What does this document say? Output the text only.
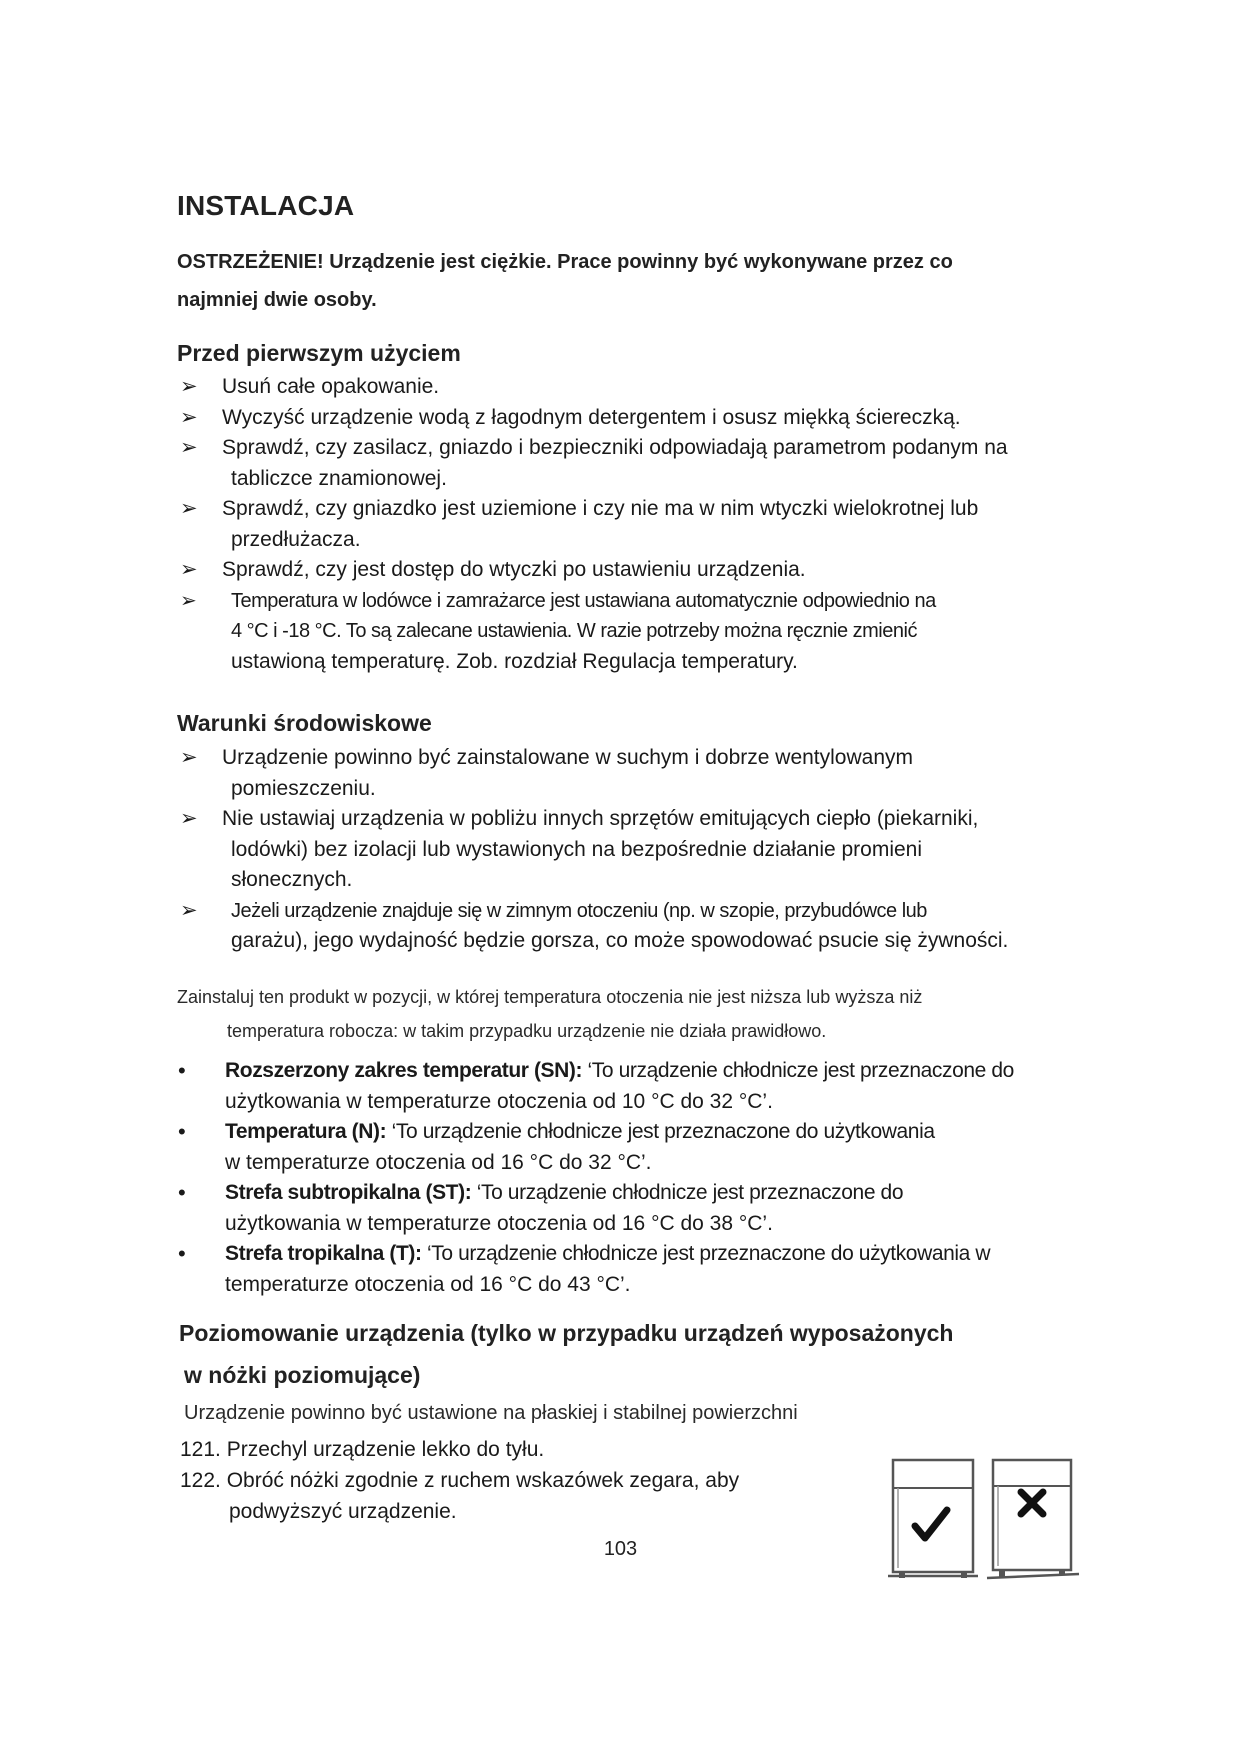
INSTALACJA
OSTRZEŻENIE! Urządzenie jest ciężkie. Prace powinny być wykonywane przez co najmniej dwie osoby.
Przed pierwszym użyciem
➢ Usuń całe opakowanie.
➢ Wyczyść urządzenie wodą z łagodnym detergentem i osusz miękką ściereczką.
➢ Sprawdź, czy zasilacz, gniazdo i bezpieczniki odpowiadają parametrom podanym na
tabliczce znamionowej.
➢ Sprawdź, czy gniazdko jest uziemione i czy nie ma w nim wtyczki wielokrotnej lub
przedłużacza.
➢ Sprawdź, czy jest dostęp do wtyczki po ustawieniu urządzenia.
➢	Temperatura w lodówce i zamrażarce jest ustawiana automatycznie odpowiednio na
4 °C i -18 °C. To są zalecane ustawienia. W razie potrzeby można ręcznie zmienić
ustawioną temperaturę. Zob. rozdział Regulacja temperatury.
Warunki środowiskowe
➢ Urządzenie powinno być zainstalowane w suchym i dobrze wentylowanym
pomieszczeniu.
➢ Nie ustawiaj urządzenia w pobliżu innych sprzętów emitujących ciepło (piekarniki,
lodówki) bez izolacji lub wystawionych na bezpośrednie działanie promieni
słonecznych.
➢	Jeżeli urządzenie znajduje się w zimnym otoczeniu (np. w szopie, przybudówce lub
garażu), jego wydajność będzie gorsza, co może spowodować psucie się żywności.
Zainstaluj ten produkt w pozycji, w której temperatura otoczenia nie jest niższa lub wyższa niż
temperatura robocza: w takim przypadku urządzenie nie działa prawidłowo.
• Rozszerzony zakres temperatur (SN): ‘To urządzenie chłodnicze jest przeznaczone do
użytkowania w temperaturze otoczenia od 10 °C do 32 °C’.
• Temperatura (N): ‘To urządzenie chłodnicze jest przeznaczone do użytkowania
w temperaturze otoczenia od 16 °C do 32 °C’.
• Strefa subtropikalna (ST): ‘To urządzenie chłodnicze jest przeznaczone do
użytkowania w temperaturze otoczenia od 16 °C do 38 °C’.
• Strefa tropikalna (T): ‘To urządzenie chłodnicze jest przeznaczone do użytkowania w
temperaturze otoczenia od 16 °C do 43 °C’.
Poziomowanie urządzenia (tylko w przypadku urządzeń wyposażonych
w nóżki poziomujące)
Urządzenie powinno być ustawione na płaskiej i stabilnej powierzchni
121. Przechyl urządzenie lekko do tyłu.
122. Obróć nóżki zgodnie z ruchem wskazówek zegara, aby
podwyższyć urządzenie.
103
